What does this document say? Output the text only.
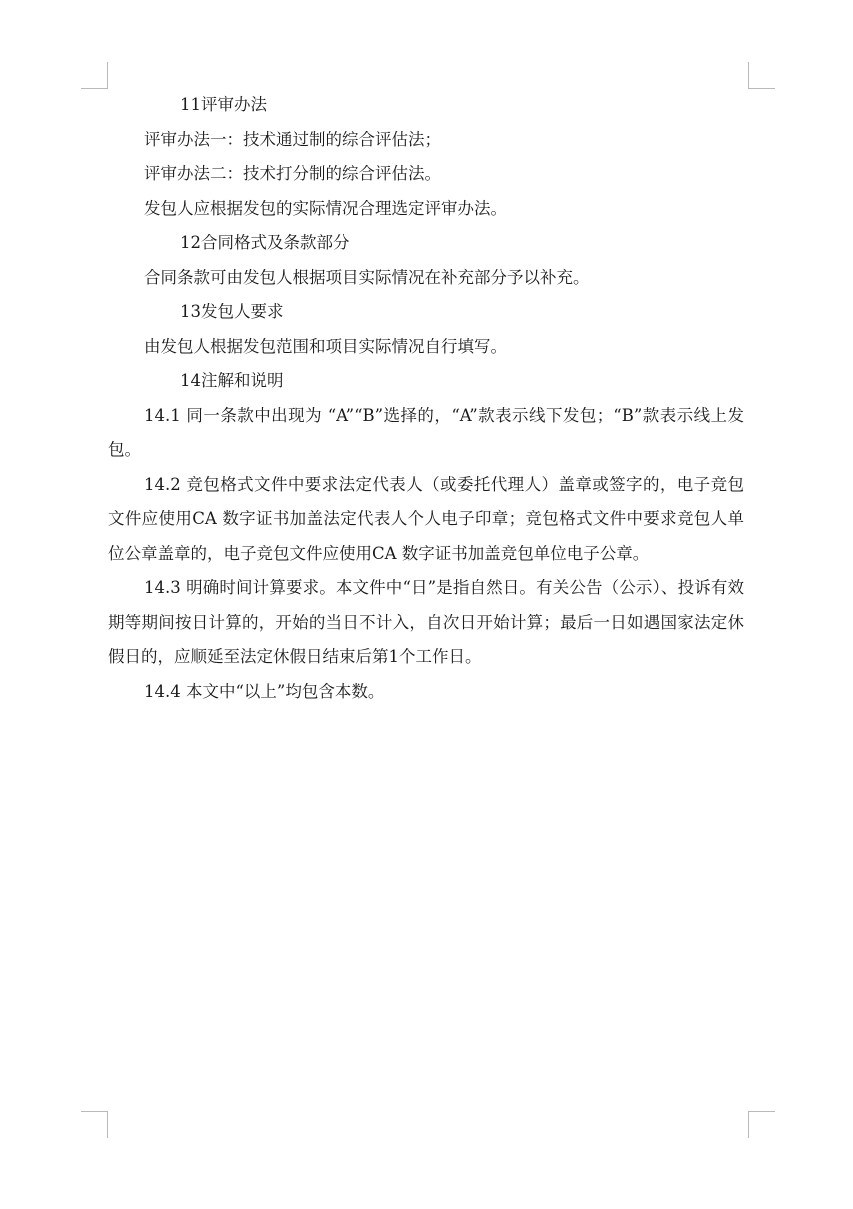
11评审办法

评审办法一：技术通过制的综合评估法；

评审办法二：技术打分制的综合评估法。

发包人应根据发包的实际情况合理选定评审办法。

12合同格式及条款部分

合同条款可由发包人根据项目实际情况在补充部分予以补充。

13发包人要求

由发包人根据发包范围和项目实际情况自行填写。

14注解和说明

14.1 同一条款中出现为 “A”“B”选择的，“A”款表示线下发包；“B”款表示线上发包。

14.2 竞包格式文件中要求法定代表人（或委托代理人）盖章或签字的，电子竞包文件应使用CA 数字证书加盖法定代表人个人电子印章；竞包格式文件中要求竞包人单位公章盖章的，电子竞包文件应使用CA 数字证书加盖竞包单位电子公章。

14.3 明确时间计算要求。本文件中“日”是指自然日。有关公告（公示）、投诉有效期等期间按日计算的，开始的当日不计入，自次日开始计算；最后一日如遇国家法定休假日的，应顺延至法定休假日结束后第1个工作日。

14.4 本文中“以上”均包含本数。
